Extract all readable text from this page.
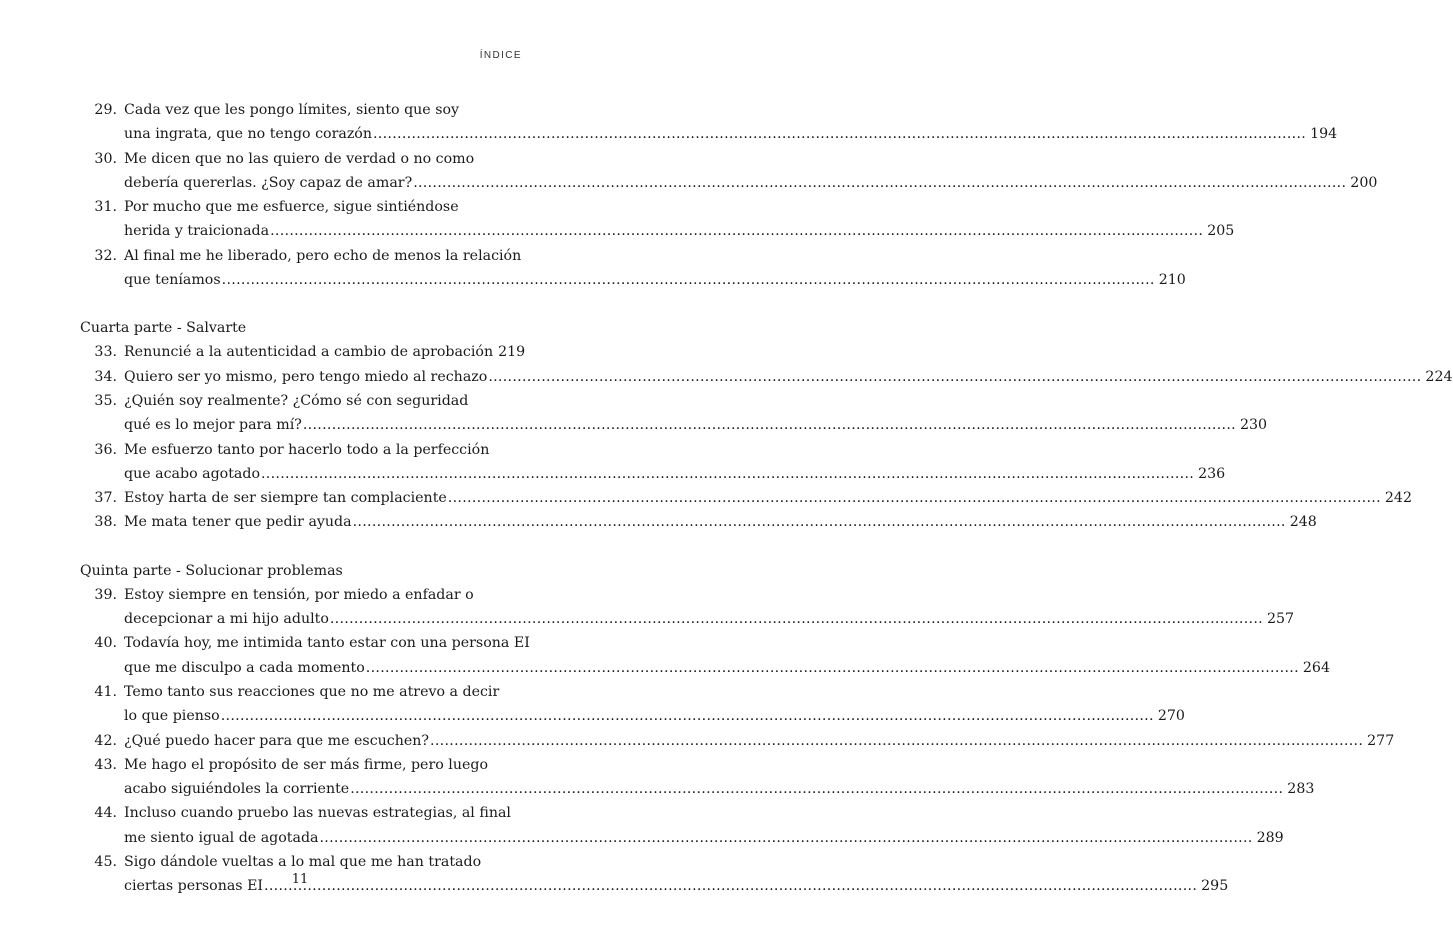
ÍNDICE
29. Cada vez que les pongo límites, siento que soy
una ingrata, que no tengo corazón .....	194
30. Me dicen que no las quiero de verdad o no como
debería quererlas. ¿Soy capaz de amar? .....	200
31. Por mucho que me esfuerce, sigue sintiéndose
herida y traicionada .....	205
32. Al final me he liberado, pero echo de menos la relación
que teníamos .....	210
Cuarta parte - Salvarte
33. Renuncié a la autenticidad a cambio de aprobación 219
34. Quiero ser yo mismo, pero tengo miedo al rechazo .....	224
35. ¿Quién soy realmente? ¿Cómo sé con seguridad
qué es lo mejor para mí? .....	230
36. Me esfuerzo tanto por hacerlo todo a la perfección
que acabo agotado .....	236
37. Estoy harta de ser siempre tan complaciente .....	242
38. Me mata tener que pedir ayuda .....	248
Quinta parte - Solucionar problemas
39. Estoy siempre en tensión, por miedo a enfadar o
decepcionar a mi hijo adulto .....	257
40. Todavía hoy, me intimida tanto estar con una persona EI
que me disculpo a cada momento .....	264
41. Temo tanto sus reacciones que no me atrevo a decir
lo que pienso .....	270
42. ¿Qué puedo hacer para que me escuchen? .....	277
43. Me hago el propósito de ser más firme, pero luego
acabo siguiéndoles la corriente .....	283
44. Incluso cuando pruebo las nuevas estrategias, al final
me siento igual de agotada .....	289
45. Sigo dándole vueltas a lo mal que me han tratado
ciertas personas EI .....	295
11
